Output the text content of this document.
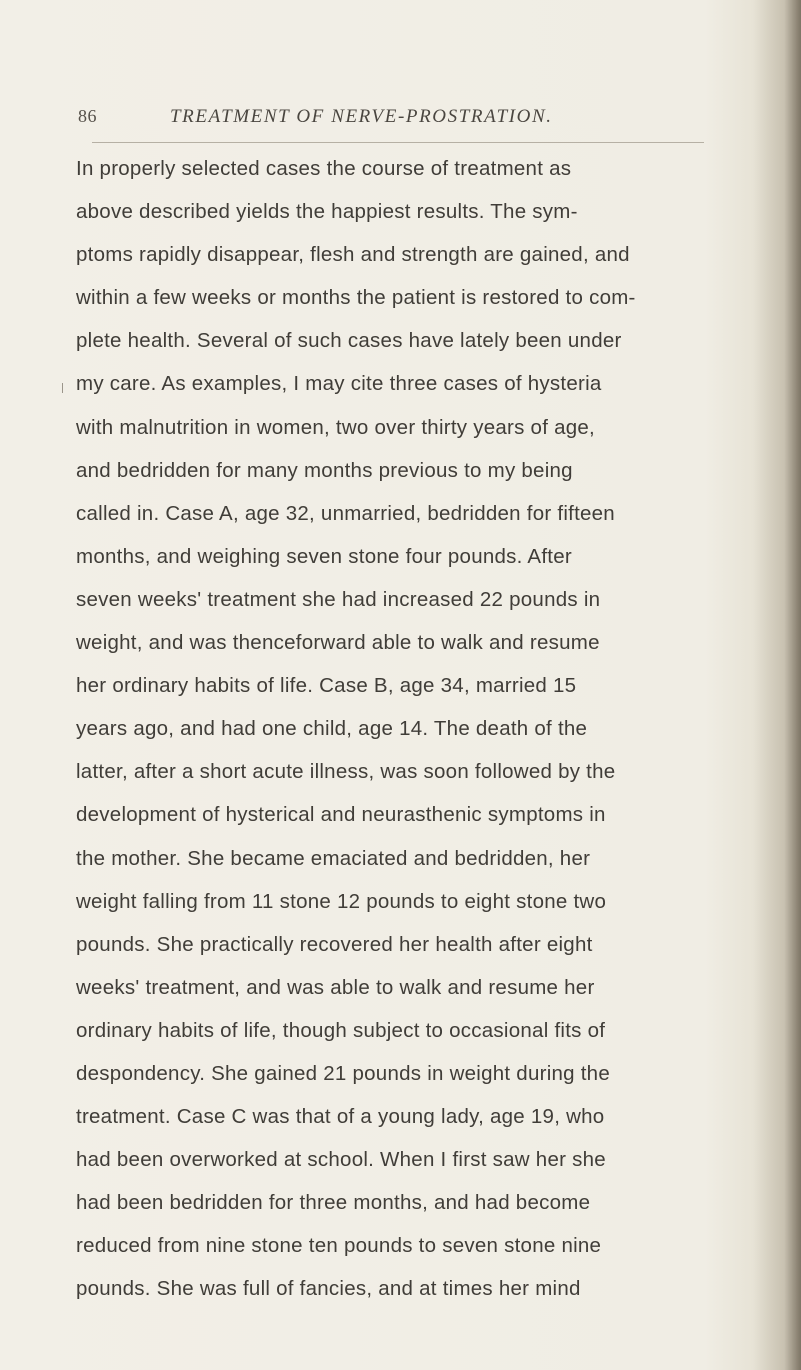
86	TREATMENT OF NERVE-PROSTRATION.
In properly selected cases the course of treatment as
above described yields the happiest results. The sym-
ptoms rapidly disappear, flesh and strength are gained, and
within a few weeks or months the patient is restored to com-
plete health. Several of such cases have lately been under
my care. As examples, I may cite three cases of hysteria
with malnutrition in women, two over thirty years of age,
and bedridden for many months previous to my being
called in. Case A, age 32, unmarried, bedridden for fifteen
months, and weighing seven stone four pounds. After
seven weeks' treatment she had increased 22 pounds in
weight, and was thenceforward able to walk and resume
her ordinary habits of life. Case B, age 34, married 15
years ago, and had one child, age 14. The death of the
latter, after a short acute illness, was soon followed by the
development of hysterical and neurasthenic symptoms in
the mother. She became emaciated and bedridden, her
weight falling from 11 stone 12 pounds to eight stone two
pounds. She practically recovered her health after eight
weeks' treatment, and was able to walk and resume her
ordinary habits of life, though subject to occasional fits of
despondency. She gained 21 pounds in weight during the
treatment. Case C was that of a young lady, age 19, who
had been overworked at school. When I first saw her she
had been bedridden for three months, and had become
reduced from nine stone ten pounds to seven stone nine
pounds. She was full of fancies, and at times her mind
